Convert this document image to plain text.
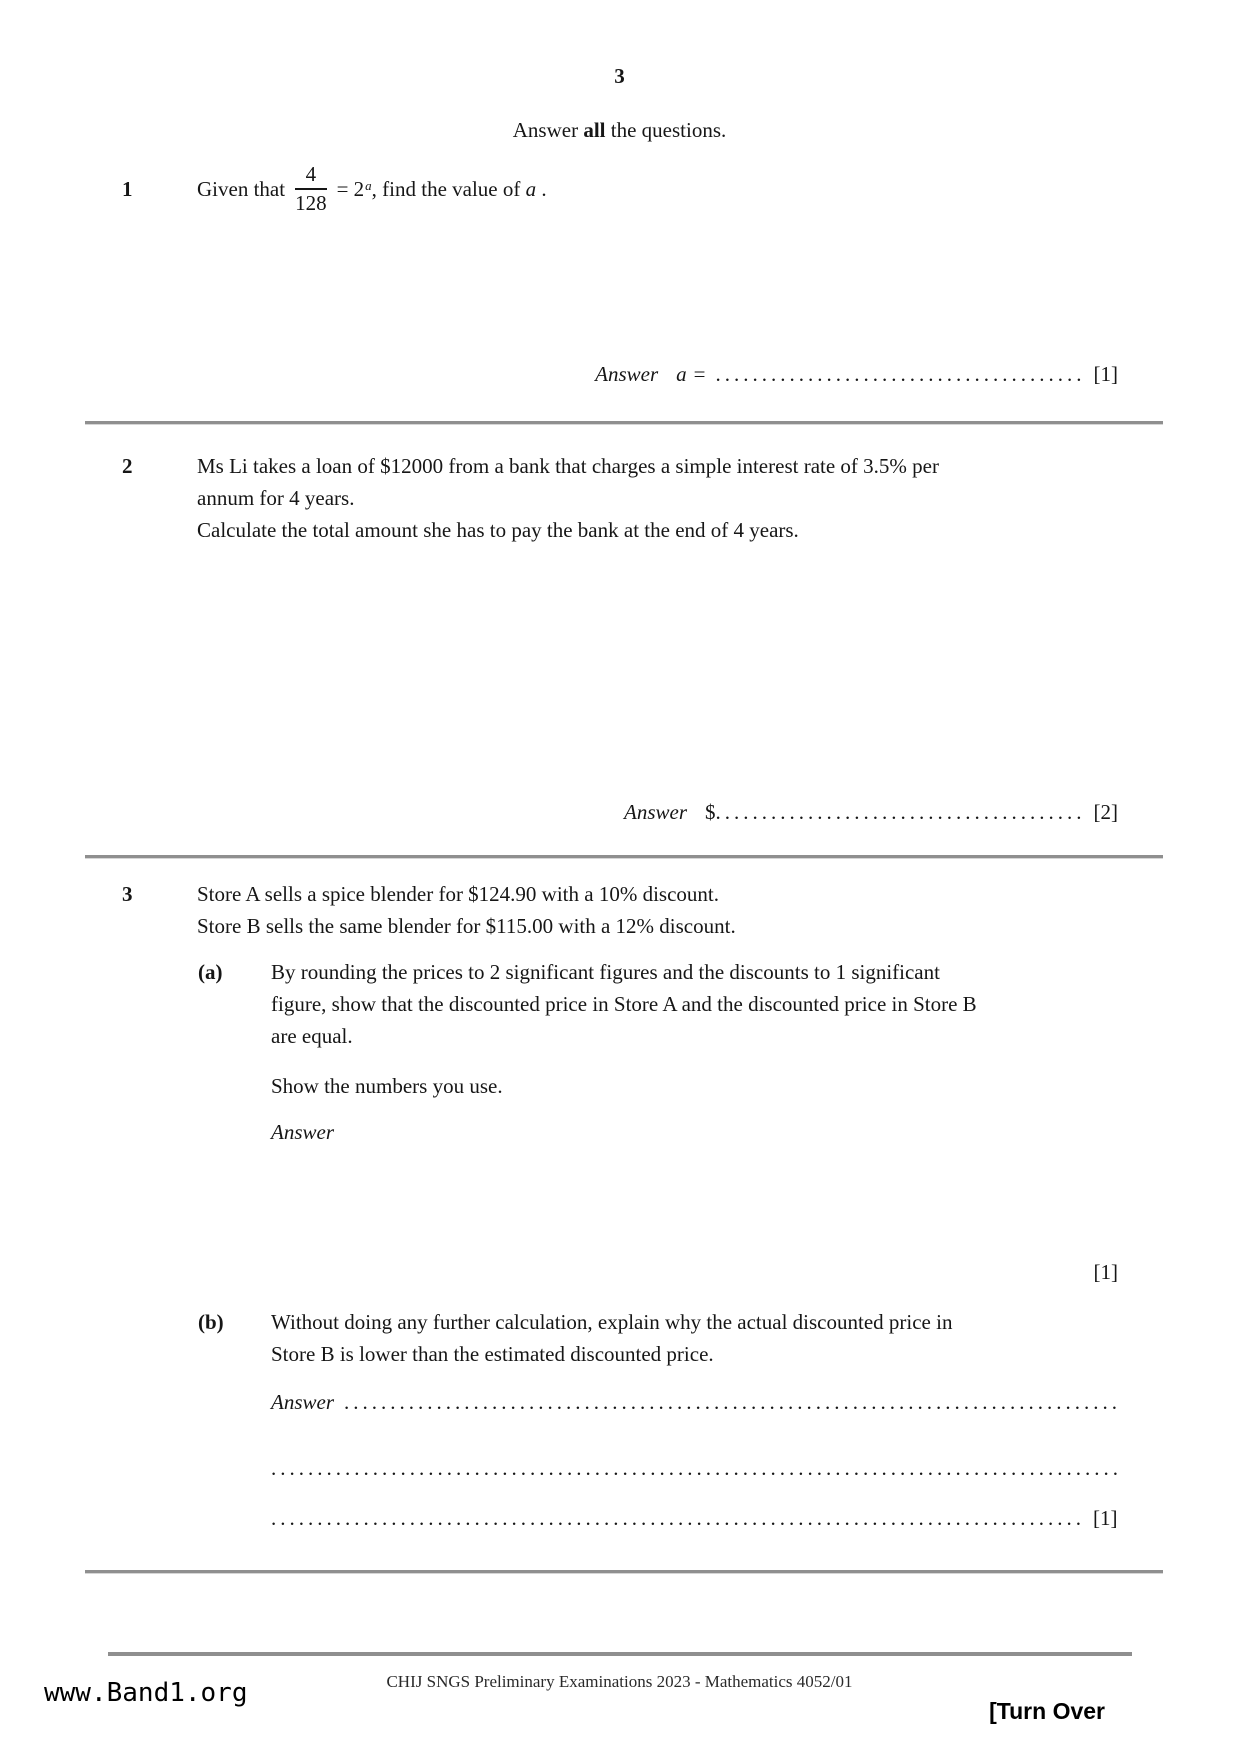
3
Answer all the questions.
1	Given that $\frac{4}{128} = 2^a$, find the value of a .
Answer a = ........................................ [1]
2	Ms Li takes a loan of $12000 from a bank that charges a simple interest rate of 3.5% per
annum for 4 years.
Calculate the total amount she has to pay the bank at the end of 4 years.
Answer $........................................ [2]
3	Store A sells a spice blender for $124.90 with a 10% discount.
Store B sells the same blender for $115.00 with a 12% discount.
(a)	By rounding the prices to 2 significant figures and the discounts to 1 significant
figure, show that the discounted price in Store A and the discounted price in Store B
are equal.
Show the numbers you use.
Answer
[1]
(b)	Without doing any further calculation, explain why the actual discounted price in
Store B is lower than the estimated discounted price.
Answer ....................................................................................
............................................................................................
........................................................................................ [1]
CHIJ SNGS Preliminary Examinations 2023 - Mathematics 4052/01
www.Band1.org
[Turn Over
